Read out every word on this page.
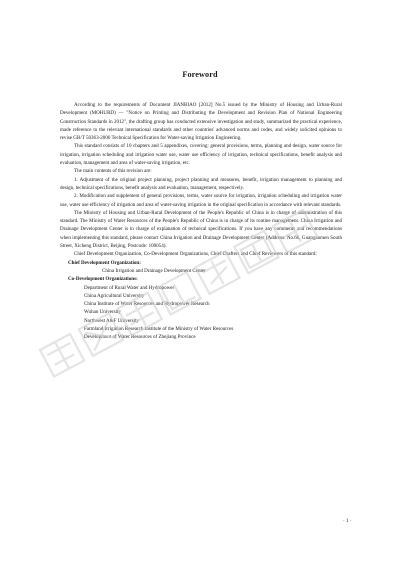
Foreword

According to the requirements of Document JIANBIAO [2012] No.5 issued by the Ministry of Housing and Urban-Rural Development (MOHURD) — "Notice on Printing and Distributing the Development and Revision Plan of National Engineering Construction Standards in 2012", the drafting group has conducted extensive investigation and study, summarized the practical experience, made reference to the relevant international standards and other countries' advanced norms and codes, and widely solicited opinions to revise GB/T 50363-2006 Technical Specification for Water-saving Irrigation Engineering.

This standard consists of 10 chapters and 5 appendixes, covering: general provisions, terms, planning and design, water source for irrigation, irrigation scheduling and irrigation water use, water use efficiency of irrigation, technical specifications, benefit analysis and evaluation, management and area of water-saving irrigation, etc.

The main contents of this revision are:

1. Adjustment of the original project planning, project planning and measures, benefit, irrigation management to planning and design, technical specifications, benefit analysis and evaluation, management, respectively.

2. Modification and supplement of general provisions, terms, water source for irrigation, irrigation scheduling and irrigation water use, water use efficiency of irrigation and area of water-saving irrigation in the original specification in accordance with relevant standards.

The Ministry of Housing and Urban-Rural Development of the People's Republic of China is in charge of administration of this standard. The Ministry of Water Resources of the People's Republic of China is in charge of its routine management. China Irrigation and Drainage Development Center is in charge of explanation of technical specifications. If you have any comments and recommendations when implementing this standard, please contact China Irrigation and Drainage Development Center (Address: No.60, Guanganmen South Street, Xicheng District, Beijing, Postcode: 100054).

Chief Development Organization, Co-Development Organizations, Chief Drafters and Chief Reviewers of this standard:

Chief Development Organization:

China Irrigation and Drainage Development Center

Co-Development Organizations:

Department of Rural Water and Hydropower

China Agricultural University

China Institute of Water Resources and Hydropower Research

Wuhan University

Northwest A&F University

Farmland Irrigation Research Institute of the Ministry of Water Resources

Development of Water Resources of Zhejiang Province

· 1 ·
